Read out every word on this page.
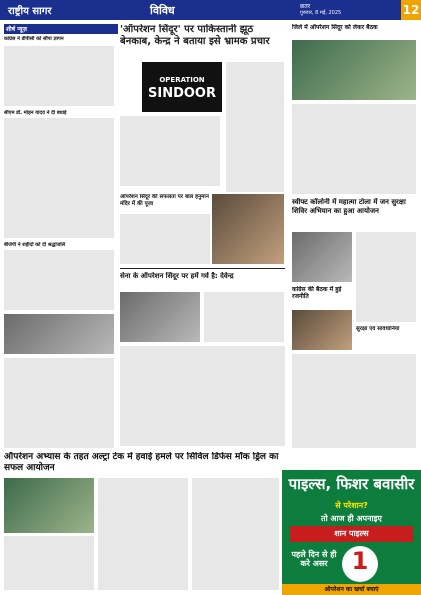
राष्ट्रीय सागर	विविध	छतर
गुरुवार, 8 मई, 2025	12
शीर्ष न्यूज़
कांग्रेस ने डीपीसी को सौंपा ज्ञापन
सीएम डॉ. मोहन यादव ने दी बधाई
बीजेपी ने शहीदों को दी श्रद्धांजलि
'ऑपरेशन सिंदूर' पर पाकिस्तानी झूठ बेनकाब, केन्द्र ने बताया इसे भ्रामक प्रचार
OPERATION
SINDOOR
ऑपरेशन सिंदूर की सफलता पर बाल हनुमान मंदिर में की पूजा
सेना के ऑपरेशन सिंदूर पर हमें गर्व है: देवेन्द्र
जिले में ऑपरेशन सिंदूर को लेकर बैठक
स्वीफ्ट कॉलोनी में महात्मा टोला में जन सुरक्षा शिविर अभियान का हुआ आयोजन
कांग्रेस की बैठक में हुई रजनीति
सुरक्षा एवं सावधानियां
ऑपरेशन अभ्यास के तहत अल्ट्रा टेक में हवाई हमले पर सिविल डिफेंस मॉक ड्रिल का सफल आयोजन
पाइल्स, फिशर बवासीर
से परेशान?
तो आज ही अपनाइए
शान पाइल्स
पहले दिन से ही करे असर	1
ऑपरेशन का खर्चा बचाएं
